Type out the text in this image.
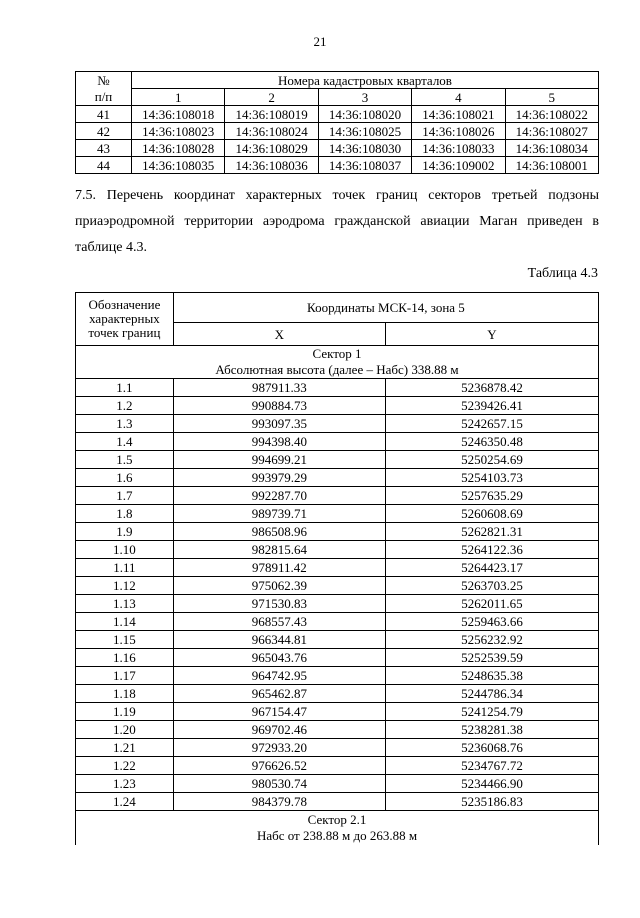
21
№	Номера кадастровых кварталов				
п/п	1	2	3	4	5
41	14:36:108018	14:36:108019	14:36:108020	14:36:108021	14:36:108022
42	14:36:108023	14:36:108024	14:36:108025	14:36:108026	14:36:108027
43	14:36:108028	14:36:108029	14:36:108030	14:36:108033	14:36:108034
44	14:36:108035	14:36:108036	14:36:108037	14:36:109002	14:36:108001
7.5. Перечень координат характерных точек границ секторов третьей подзоны
приаэродромной территории аэродрома гражданской авиации Маган приведен в
таблице 4.3.
Таблица 4.3
Обозначение характерных точек границ	Координаты МСК-14, зона 5	
	X	Y

Сектор 1
Абсолютная высота (далее – Набс) 338.88 м		

1.1	987911.33	5236878.42
1.2	990884.73	5239426.41
1.3	993097.35	5242657.15
1.4	994398.40	5246350.48
1.5	994699.21	5250254.69
1.6	993979.29	5254103.73
1.7	992287.70	5257635.29
1.8	989739.71	5260608.69
1.9	986508.96	5262821.31
1.10	982815.64	5264122.36
1.11	978911.42	5264423.17
1.12	975062.39	5263703.25
1.13	971530.83	5262011.65
1.14	968557.43	5259463.66
1.15	966344.81	5256232.92
1.16	965043.76	5252539.59
1.17	964742.95	5248635.38
1.18	965462.87	5244786.34
1.19	967154.47	5241254.79
1.20	969702.46	5238281.38
1.21	972933.20	5236068.76
1.22	976626.52	5234767.72
1.23	980530.74	5234466.90
1.24	984379.78	5235186.83

Сектор 2.1
Набс от 238.88 м до 263.88 м		
